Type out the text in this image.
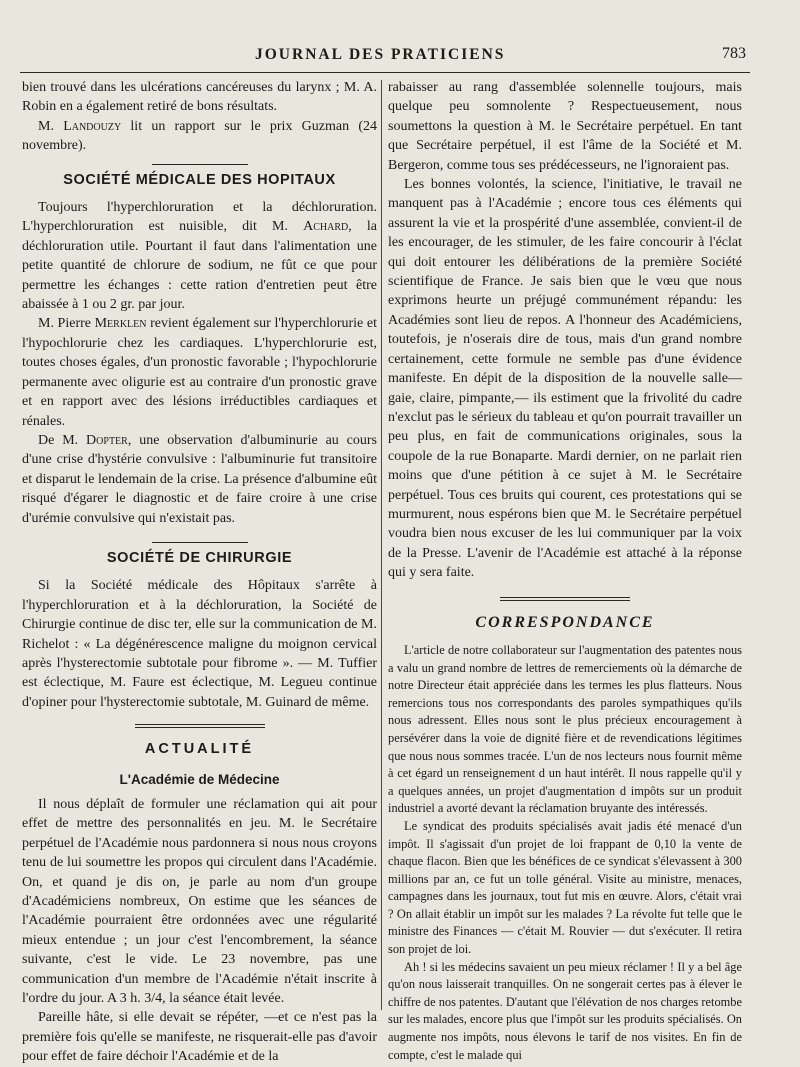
JOURNAL DES PRATICIENS	783

bien trouvé dans les ulcérations cancéreuses du larynx ; M. A. Robin en a également retiré de bons résultats.

M. Landouzy lit un rapport sur le prix Guzman (24 novembre).

SOCIÉTÉ MÉDICALE DES HOPITAUX

Toujours l'hyperchloruration et la déchloruration. L'hyperchloruration est nuisible, dit M. Achard, la déchloruration utile. Pourtant il faut dans l'alimentation une petite quantité de chlorure de sodium, ne fût ce que pour permettre les échanges : cette ration d'entretien peut être abaissée à 1 ou 2 gr. par jour.

M. Pierre Merklen revient également sur l'hyperchlorurie et l'hypochlorurie chez les cardiaques. L'hyperchlorurie est, toutes choses égales, d'un pronostic favorable ; l'hypochlorurie permanente avec oligurie est au contraire d'un pronostic grave et en rapport avec des lésions irréductibles cardiaques et rénales.

De M. Dopter, une observation d'albuminurie au cours d'une crise d'hystérie convulsive : l'albuminurie fut transitoire et disparut le lendemain de la crise. La présence d'albumine eût risqué d'égarer le diagnostic et de faire croire à une crise d'urémie convulsive qui n'existait pas.

SOCIÉTÉ DE CHIRURGIE

Si la Société médicale des Hôpitaux s'arrête à l'hyperchloruration et à la déchloruration, la Société de Chirurgie continue de disc ter, elle sur la communication de M. Richelot : « La dégénérescence maligne du moignon cervical après l'hysterectomie subtotale pour fibrome ». — M. Tuffier est éclectique, M. Faure est éclectique, M. Legueu continue d'opiner pour l'hysterectomie subtotale, M. Guinard de même.

ACTUALITÉ
L'Académie de Médecine

Il nous déplaît de formuler une réclamation qui ait pour effet de mettre des personnalités en jeu. M. le Secrétaire perpétuel de l'Académie nous pardonnera si nous nous croyons tenu de lui soumettre les propos qui circulent dans l'Académie. On, et quand je dis on, je parle au nom d'un groupe d'Académiciens nombreux, On estime que les séances de l'Académie pourraient être ordonnées avec une régularité mieux entendue ; un jour c'est l'encombrement, la séance suivante, c'est le vide. Le 23 novembre, pas une communication d'un membre de l'Académie n'était inscrite à l'ordre du jour. A 3 h. 3/4, la séance était levée.

Pareille hâte, si elle devait se répéter, —et ce n'est pas la première fois qu'elle se manifeste, ne risquerait-elle pas d'avoir pour effet de faire déchoir l'Académie et de la

rabaisser au rang d'assemblée solennelle toujours, mais quelque peu somnolente ? Respectueusement, nous soumettons la question à M. le Secrétaire perpétuel. En tant que Secrétaire perpétuel, il est l'âme de la Société et M. Bergeron, comme tous ses prédécesseurs, ne l'ignoraient pas.

Les bonnes volontés, la science, l'initiative, le travail ne manquent pas à l'Académie ; encore tous ces éléments qui assurent la vie et la prospérité d'une assemblée, convient-il de les encourager, de les stimuler, de les faire concourir à l'éclat qui doit entourer les délibérations de la première Société scientifique de France. Je sais bien que le vœu que nous exprimons heurte un préjugé communément répandu: les Académies sont lieu de repos. A l'honneur des Académiciens, toutefois, je n'oserais dire de tous, mais d'un grand nombre certainement, cette formule ne semble pas d'une évidence manifeste. En dépit de la disposition de la nouvelle salle— gaie, claire, pimpante,— ils estiment que la frivolité du cadre n'exclut pas le sérieux du tableau et qu'on pourrait travailler un peu plus, en fait de communications originales, sous la coupole de la rue Bonaparte. Mardi dernier, on ne parlait rien moins que d'une pétition à ce sujet à M. le Secrétaire perpétuel. Tous ces bruits qui courent, ces protestations qui se murmurent, nous espérons bien que M. le Secrétaire perpétuel voudra bien nous excuser de les lui communiquer par la voix de la Presse. L'avenir de l'Académie est attaché à la réponse qui y sera faite.

CORRESPONDANCE

L'article de notre collaborateur sur l'augmentation des patentes nous a valu un grand nombre de lettres de remerciements où la démarche de notre Directeur était appréciée dans les termes les plus flatteurs. Nous remercions tous nos correspondants des paroles sympathiques qu'ils nous adressent. Elles nous sont le plus précieux encouragement à persévérer dans la voie de dignité fière et de revendications légitimes que nous nous sommes tracée. L'un de nos lecteurs nous fournit même à cet égard un renseignement d un haut intérêt. Il nous rappelle qu'il y a quelques années, un projet d'augmentation d impôts sur un produit industriel a avorté devant la réclamation bruyante des intéressés.

Le syndicat des produits spécialisés avait jadis été menacé d'un impôt. Il s'agissait d'un projet de loi frappant de 0,10 la vente de chaque flacon. Bien que les bénéfices de ce syndicat s'élevassent à 300 millions par an, ce fut un tolle général. Visite au ministre, menaces, campagnes dans les journaux, tout fut mis en œuvre. Alors, c'était vrai ? On allait établir un impôt sur les malades ? La révolte fut telle que le ministre des Finances — c'était M. Rouvier — dut s'exécuter. Il retira son projet de loi.

Ah ! si les médecins savaient un peu mieux réclamer ! Il y a bel âge qu'on nous laisserait tranquilles. On ne songerait certes pas à élever le chiffre de nos patentes. D'autant que l'élévation de nos charges retombe sur les malades, encore plus que l'impôt sur les produits spécialisés. On augmente nos impôts, nous élevons le tarif de nos visites. En fin de compte, c'est le malade qui
